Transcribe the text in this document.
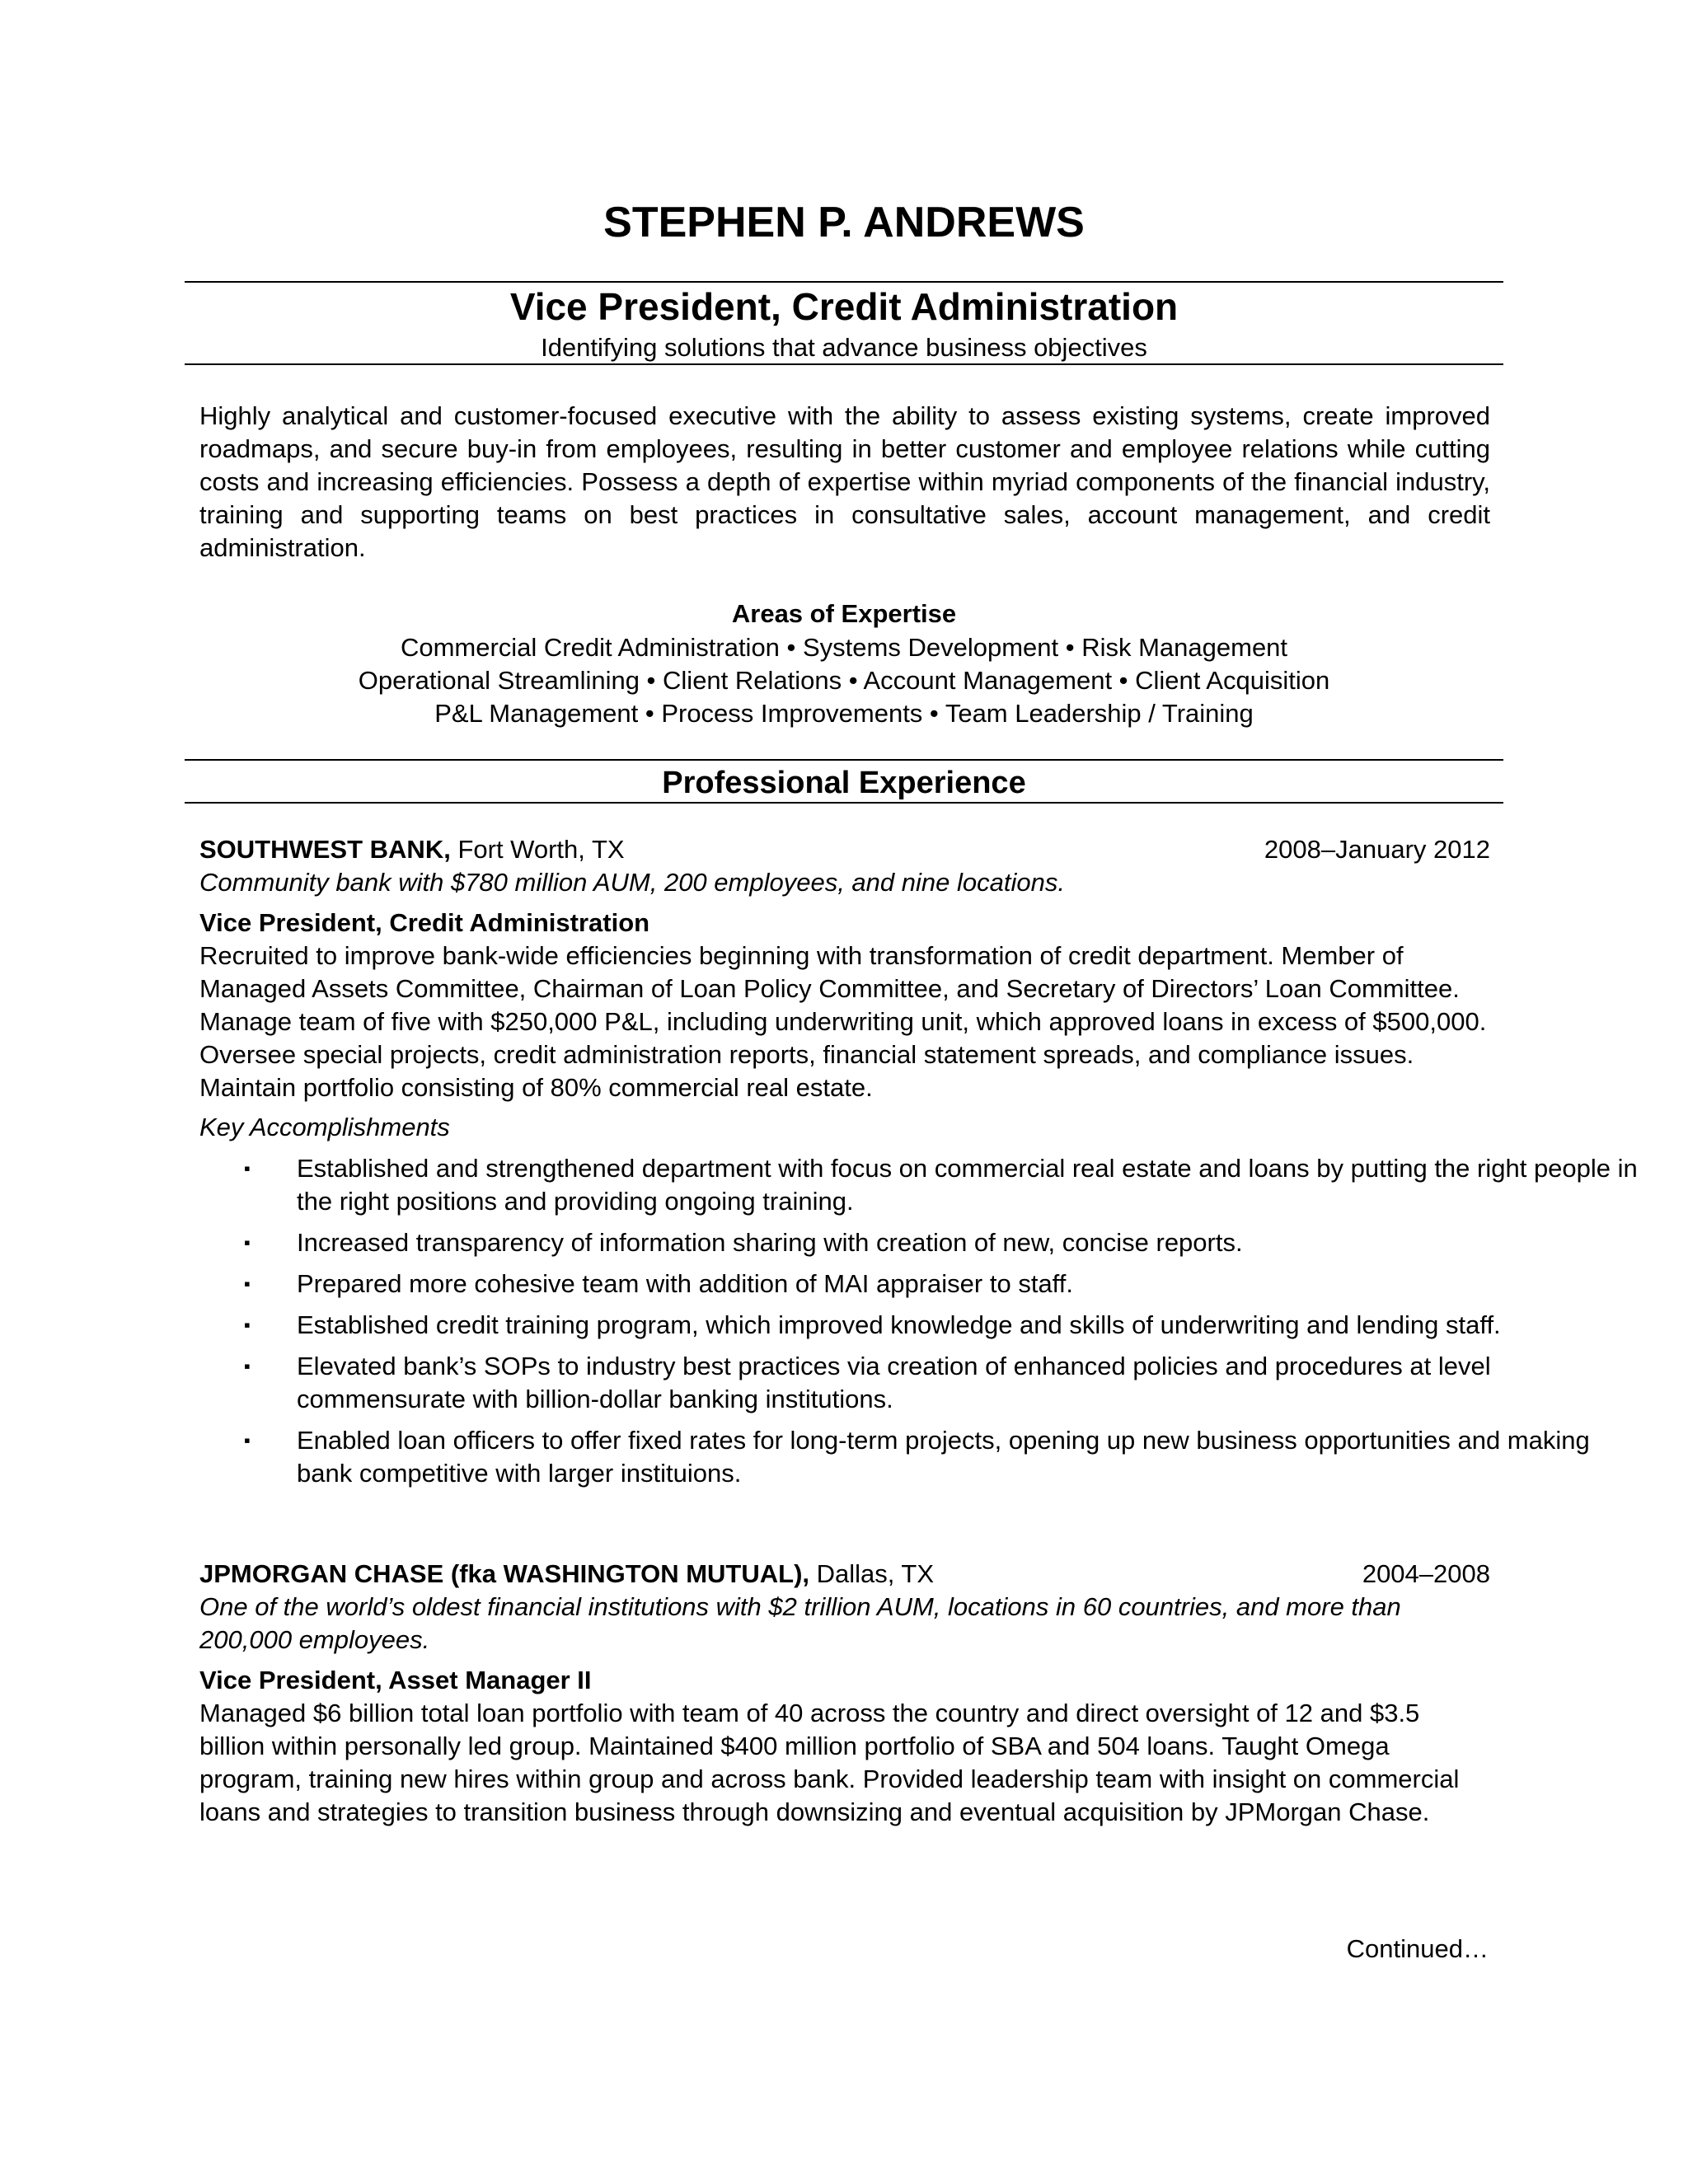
STEPHEN P. ANDREWS
Vice President, Credit Administration
Identifying solutions that advance business objectives
Highly analytical and customer-focused executive with the ability to assess existing systems, create improved roadmaps, and secure buy-in from employees, resulting in better customer and employee relations while cutting costs and increasing efficiencies. Possess a depth of expertise within myriad components of the financial industry, training and supporting teams on best practices in consultative sales, account management, and credit administration.
Areas of Expertise
Commercial Credit Administration • Systems Development • Risk Management
Operational Streamlining • Client Relations • Account Management • Client Acquisition
P&L Management • Process Improvements • Team Leadership / Training
Professional Experience
SOUTHWEST BANK, Fort Worth, TX	2008–January 2012
Community bank with $780 million AUM, 200 employees, and nine locations.
Vice President, Credit Administration
Recruited to improve bank-wide efficiencies beginning with transformation of credit department. Member of Managed Assets Committee, Chairman of Loan Policy Committee, and Secretary of Directors’ Loan Committee. Manage team of five with $250,000 P&L, including underwriting unit, which approved loans in excess of $500,000. Oversee special projects, credit administration reports, financial statement spreads, and compliance issues. Maintain portfolio consisting of 80% commercial real estate.
Key Accomplishments
▪ Established and strengthened department with focus on commercial real estate and loans by putting the right people in the right positions and providing ongoing training.
▪ Increased transparency of information sharing with creation of new, concise reports.
▪ Prepared more cohesive team with addition of MAI appraiser to staff.
▪ Established credit training program, which improved knowledge and skills of underwriting and lending staff.
▪ Elevated bank’s SOPs to industry best practices via creation of enhanced policies and procedures at level commensurate with billion-dollar banking institutions.
▪ Enabled loan officers to offer fixed rates for long-term projects, opening up new business opportunities and making bank competitive with larger instituions.
JPMORGAN CHASE (fka WASHINGTON MUTUAL), Dallas, TX	2004–2008
One of the world’s oldest financial institutions with $2 trillion AUM, locations in 60 countries, and more than 200,000 employees.
Vice President, Asset Manager II
Managed $6 billion total loan portfolio with team of 40 across the country and direct oversight of 12 and $3.5 billion within personally led group. Maintained $400 million portfolio of SBA and 504 loans. Taught Omega program, training new hires within group and across bank. Provided leadership team with insight on commercial loans and strategies to transition business through downsizing and eventual acquisition by JPMorgan Chase.
Continued…
